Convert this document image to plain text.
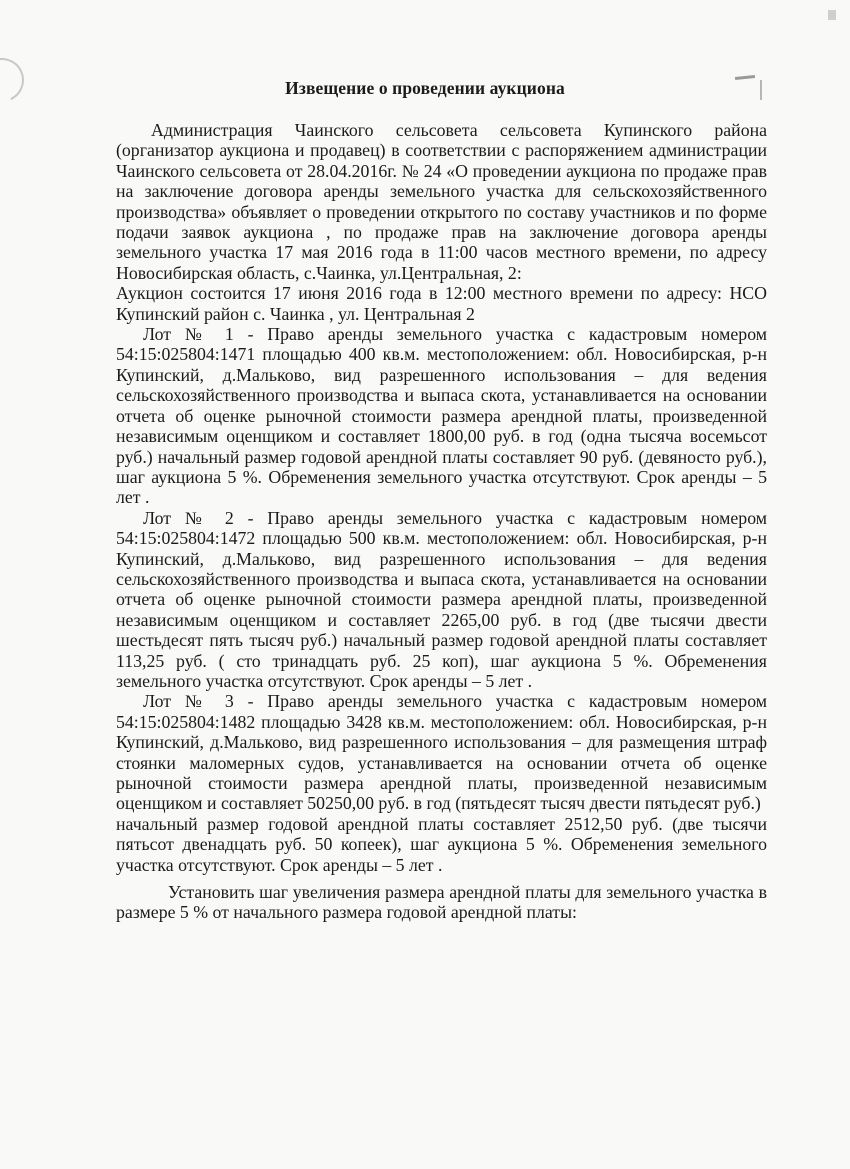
Извещение о проведении аукциона

Администрация Чаинского сельсовета сельсовета Купинского района (организатор аукциона и продавец) в соответствии с распоряжением администрации Чаинского сельсовета от 28.04.2016г. № 24 «О проведении аукциона по продаже прав на заключение договора аренды земельного участка для сельскохозяйственного производства» объявляет о проведении открытого по составу участников и по форме подачи заявок аукциона , по продаже прав на заключение договора аренды земельного участка 17 мая 2016 года в 11:00 часов местного времени, по адресу Новосибирская область, с.Чаинка, ул.Центральная, 2:

Аукцион состоится 17 июня 2016 года в 12:00 местного времени по адресу: НСО Купинский район с. Чаинка , ул. Центральная 2

Лот № 1 - Право аренды земельного участка с кадастровым номером 54:15:025804:1471 площадью 400 кв.м. местоположением: обл. Новосибирская, р-н Купинский, д.Мальково, вид разрешенного использования – для ведения сельскохозяйственного производства и выпаса скота, устанавливается на основании отчета об оценке рыночной стоимости размера арендной платы, произведенной независимым оценщиком и составляет 1800,00 руб. в год (одна тысяча восемьсот руб.) начальный размер годовой арендной платы составляет 90 руб. (девяносто руб.), шаг аукциона 5 %. Обременения земельного участка отсутствуют. Срок аренды – 5 лет .

Лот № 2 - Право аренды земельного участка с кадастровым номером 54:15:025804:1472 площадью 500 кв.м. местоположением: обл. Новосибирская, р-н Купинский, д.Мальково, вид разрешенного использования – для ведения сельскохозяйственного производства и выпаса скота, устанавливается на основании отчета об оценке рыночной стоимости размера арендной платы, произведенной независимым оценщиком и составляет 2265,00 руб. в год (две тысячи двести шестьдесят пять тысяч руб.) начальный размер годовой арендной платы составляет 113,25 руб. ( сто тринадцать руб. 25 коп), шаг аукциона 5 %. Обременения земельного участка отсутствуют. Срок аренды – 5 лет .

Лот № 3 - Право аренды земельного участка с кадастровым номером 54:15:025804:1482 площадью 3428 кв.м. местоположением: обл. Новосибирская, р-н Купинский, д.Мальково, вид разрешенного использования – для размещения штраф стоянки маломерных судов, устанавливается на основании отчета об оценке рыночной стоимости размера арендной платы, произведенной независимым оценщиком и составляет 50250,00 руб. в год (пятьдесят тысяч двести пятьдесят руб.)

начальный размер годовой арендной платы составляет 2512,50 руб. (две тысячи пятьсот двенадцать руб. 50 копеек), шаг аукциона 5 %. Обременения земельного участка отсутствуют. Срок аренды – 5 лет .

Установить шаг увеличения размера арендной платы для земельного участка в размере 5 % от начального размера годовой арендной платы:
